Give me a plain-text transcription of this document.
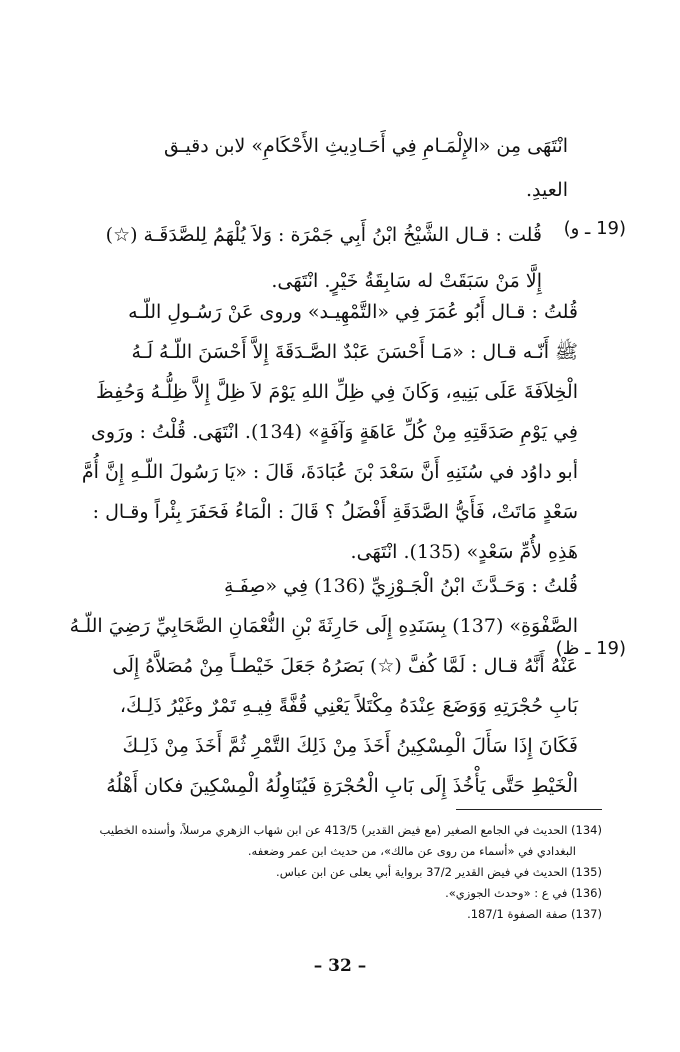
(19 ـ و)
(19 ـ ظ)

انْتَهَى مِن «الإِلْمَـامِ فِي أَحَـادِيثِ الأَحْكَامِ» لابن دقيـق
العيدِ.

قُلت : قـال الشَّيْخُ ابْنُ أَبِي جَمْرَة : وَلاَ يُلْهَمُ لِلصَّدَقَـة (☆)
إِلَّا مَنْ سَبَقَتْ له سَابِقَةُ خَيْرٍ. انْتَهَى.

قُلتُ : قـال أَبُو عُمَرَ فِي «التَّمْهِيـد» وروى عَنْ رَسُـولِ اللّـه
ﷺ أَنّـه قـال : «مَـا أَحْسَنَ عَبْدٌ الصَّـدَقَةَ إِلاَّ أَحْسَنَ اللّـهُ لَـهُ
الْخِلاَفَةَ عَلَى بَنِيهِ، وَكَانَ فِي ظِلِّ اللهِ يَوْمَ لاَ ظِلَّ إِلاَّ ظِلُّـهُ وَحُفِظَ
فِي يَوْمِ صَدَقَتِهِ مِنْ كُلِّ عَاهَةٍ وَآفَةٍ» (134). انْتَهَى. قُلْتُ : ورَوى
أبو داوُد في سُنَنِهِ أَنَّ سَعْدَ بْنَ عُبَادَةَ، قَالَ : «يَا رَسُولَ اللّـهِ إِنَّ أُمَّ
سَعْدٍ مَاتَتْ، فَأَيُّ الصَّدَقَةِ أَفْضَلُ ؟ قَالَ : الْمَاءُ فَحَفَرَ بِئْراً وقـال :
هَذِهِ لأُمِّ سَعْدٍ» (135). انْتَهَى.

قُلتُ : وَحَـدَّثَ ابْنُ الْجَـوْزِيِّ (136) فِي «صِفَـةِ
الصَّفْوَةِ» (137) بِسَنَدِهِ إِلَى حَارِثَةَ بْنِ النُّعْمَانِ الصَّحَابِيِّ رَضِيَ اللّـهُ
عَنْهُ أَنَّهُ قـال : لَمَّا كُفَّ (☆) بَصَرُهُ جَعَلَ خَيْطـاً مِنْ مُصَلاَّهُ إِلَى
بَابِ حُجْرَتِهِ وَوَضَعَ عِنْدَهُ مِكْتَلاً يَعْنِي قُفَّةً فِيـهِ تَمْرٌ وغَيْرُ ذَلِـكَ،
فَكَانَ إِذَا سَأَلَ الْمِسْكِينُ أَخَذَ مِنْ ذَلِكَ التَّمْرِ ثُمَّ أَخَذَ مِنْ ذَلِـكَ
الْخَيْطِ حَتَّى يَأْخُذَ إِلَى بَابِ الْحُجْرَةِ فَيُنَاوِلُهُ الْمِسْكِينَ فكان أَهْلُهُ

(134) الحديث في الجامع الصغير (مع فيض القدير) 413/5 عن ابن شهاب الزهري مرسلاً، وأسنده الخطيب
البغدادي في «أسماء من روى عن مالك»، من حديث ابن عمر وضعفه.
(135) الحديث في فيض القدير 37/2 برواية أبي يعلى عن ابن عباس.
(136) في ع : «وحدث الجوزي».
(137) صفة الصفوة 187/1.
– 32 –
